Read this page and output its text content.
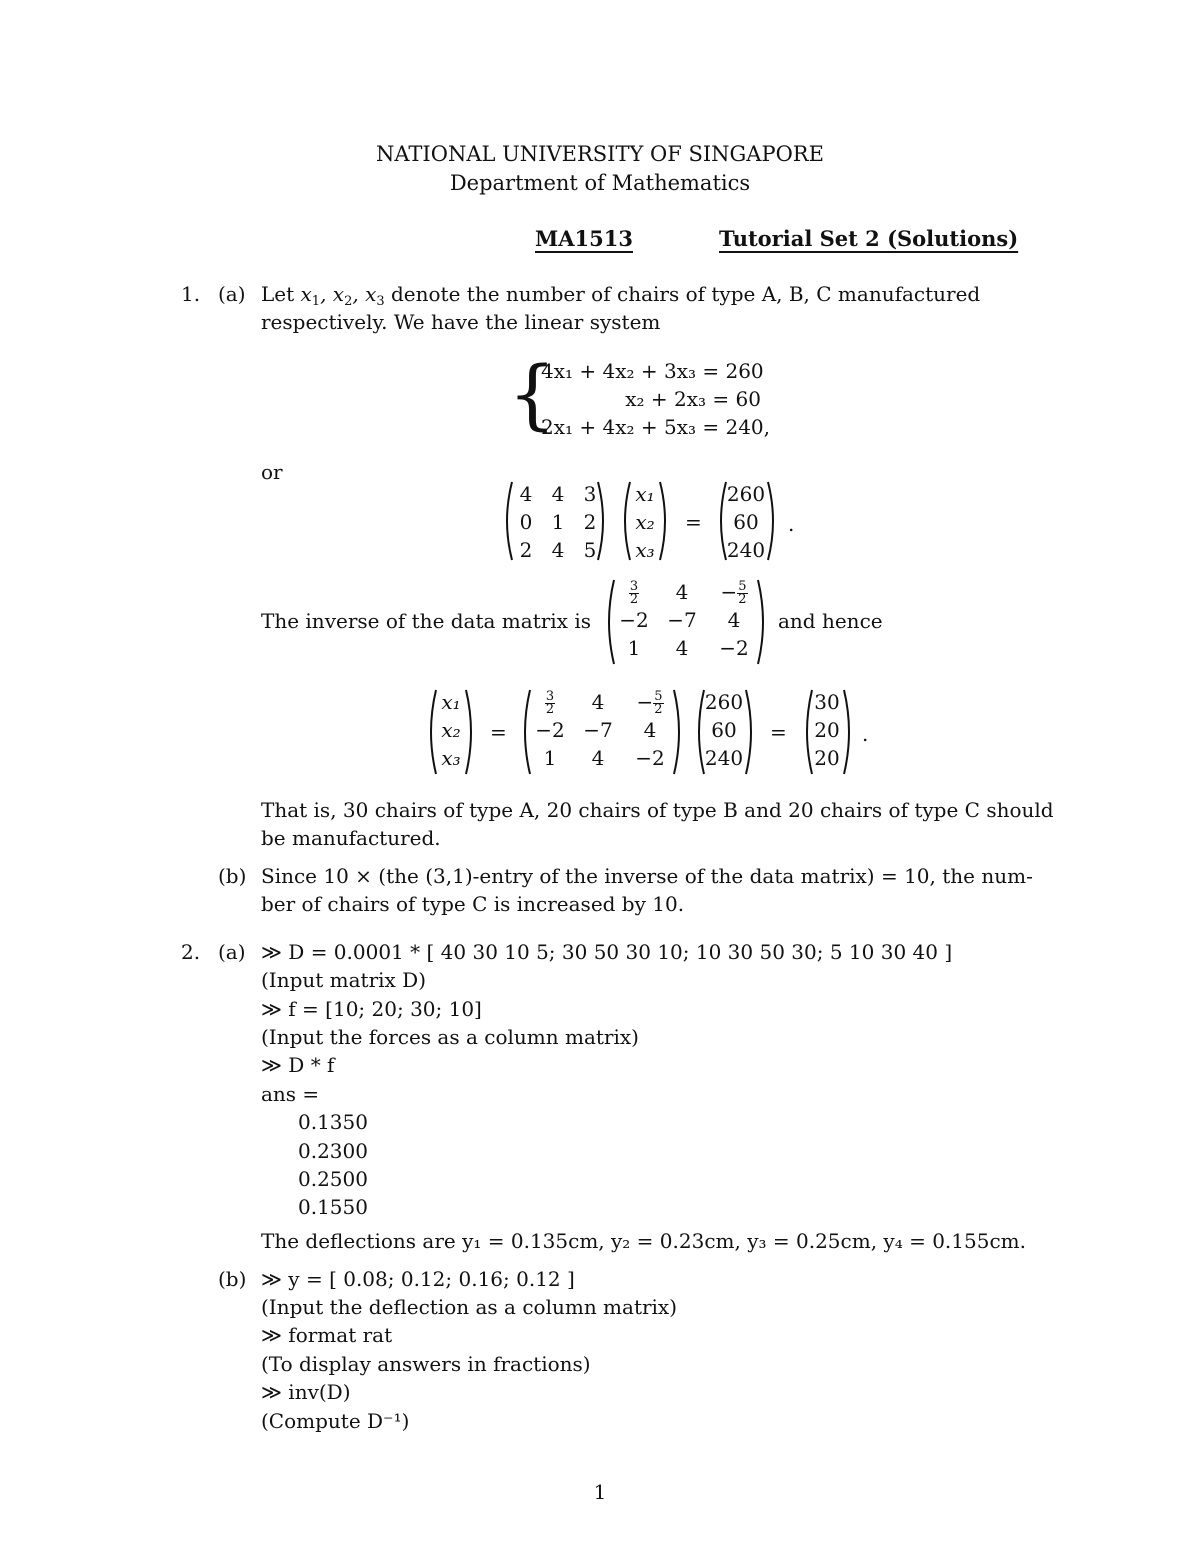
NATIONAL UNIVERSITY OF SINGAPORE
Department of Mathematics
MA1513	Tutorial Set 2 (Solutions)
1. (a) Let $x_1$, $x_2$, $x_3$ denote the number of chairs of type A, B, C manufactured
respectively. We have the linear system
{
4x₁ + 4x₂ + 3x₃ = 260
x₂ + 2x₃ = 60
2x₁ + 4x₂ + 5x₃ = 240,
or
4 4 3
0 1 2
2 4 5
x₁
x₂
x₃
=
260
60
240
.
The inverse of the data matrix is
$\frac{3}{2}$	4	− $\frac{5}{2}$
−2 −7	4
1	4	−2
and hence
x₁
x₂
x₃
=
$\frac{3}{2}$	4	− $\frac{5}{2}$
−2 −7	4
1	4	−2
260
60
240
=
30
20
20
.
That is, 30 chairs of type A, 20 chairs of type B and 20 chairs of type C should
be manufactured.
(b) Since 10 × (the (3,1)-entry of the inverse of the data matrix) = 10, the num-
ber of chairs of type C is increased by 10.
2. (a) ≫ D = 0.0001 * [ 40 30 10 5; 30 50 30 10; 10 30 50 30; 5 10 30 40 ]
(Input matrix D)
≫ f = [10; 20; 30; 10]
(Input the forces as a column matrix)
≫ D * f
ans =
0.1350
0.2300
0.2500
0.1550
The deflections are y₁ = 0.135cm, y₂ = 0.23cm, y₃ = 0.25cm, y₄ = 0.155cm.
(b) ≫ y = [ 0.08; 0.12; 0.16; 0.12 ]
(Input the deflection as a column matrix)
≫ format rat
(To display answers in fractions)
≫ inv(D)
(Compute D⁻¹)
1
